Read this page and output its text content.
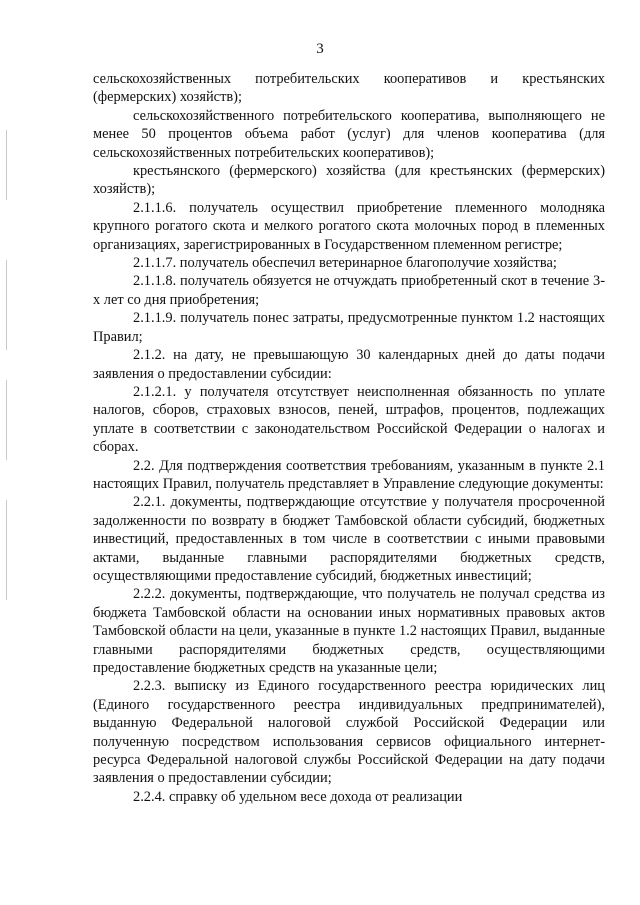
3

сельскохозяйственных потребительских кооперативов и крестьянских (фермерских) хозяйств);

сельскохозяйственного потребительского кооператива, выполняющего не менее 50 процентов объема работ (услуг) для членов кооператива (для сельскохозяйственных потребительских кооперативов);

крестьянского (фермерского) хозяйства (для крестьянских (фермерских) хозяйств);

2.1.1.6. получатель осуществил приобретение племенного молодняка крупного рогатого скота и мелкого рогатого скота молочных пород в племенных организациях, зарегистрированных в Государственном племенном регистре;

2.1.1.7. получатель обеспечил ветеринарное благополучие хозяйства;

2.1.1.8. получатель обязуется не отчуждать приобретенный скот в течение 3-х лет со дня приобретения;

2.1.1.9. получатель понес затраты, предусмотренные пунктом 1.2 настоящих Правил;

2.1.2. на дату, не превышающую 30 календарных дней до даты подачи заявления о предоставлении субсидии:

2.1.2.1. у получателя отсутствует неисполненная обязанность по уплате налогов, сборов, страховых взносов, пеней, штрафов, процентов, подлежащих уплате в соответствии с законодательством Российской Федерации о налогах и сборах.

2.2. Для подтверждения соответствия требованиям, указанным в пункте 2.1 настоящих Правил, получатель представляет в Управление следующие документы:

2.2.1. документы, подтверждающие отсутствие у получателя просроченной задолженности по возврату в бюджет Тамбовской области субсидий, бюджетных инвестиций, предоставленных в том числе в соответствии с иными правовыми актами, выданные главными распорядителями бюджетных средств, осуществляющими предоставление субсидий, бюджетных инвестиций;

2.2.2. документы, подтверждающие, что получатель не получал средства из бюджета Тамбовской области на основании иных нормативных правовых актов Тамбовской области на цели, указанные в пункте 1.2 настоящих Правил, выданные главными распорядителями бюджетных средств, осуществляющими предоставление бюджетных средств на указанные цели;

2.2.3. выписку из Единого государственного реестра юридических лиц (Единого государственного реестра индивидуальных предпринимателей), выданную Федеральной налоговой службой Российской Федерации или полученную посредством использования сервисов официального интернет-ресурса Федеральной налоговой службы Российской Федерации на дату подачи заявления о предоставлении субсидии;

2.2.4. справку об удельном весе дохода от реализации
